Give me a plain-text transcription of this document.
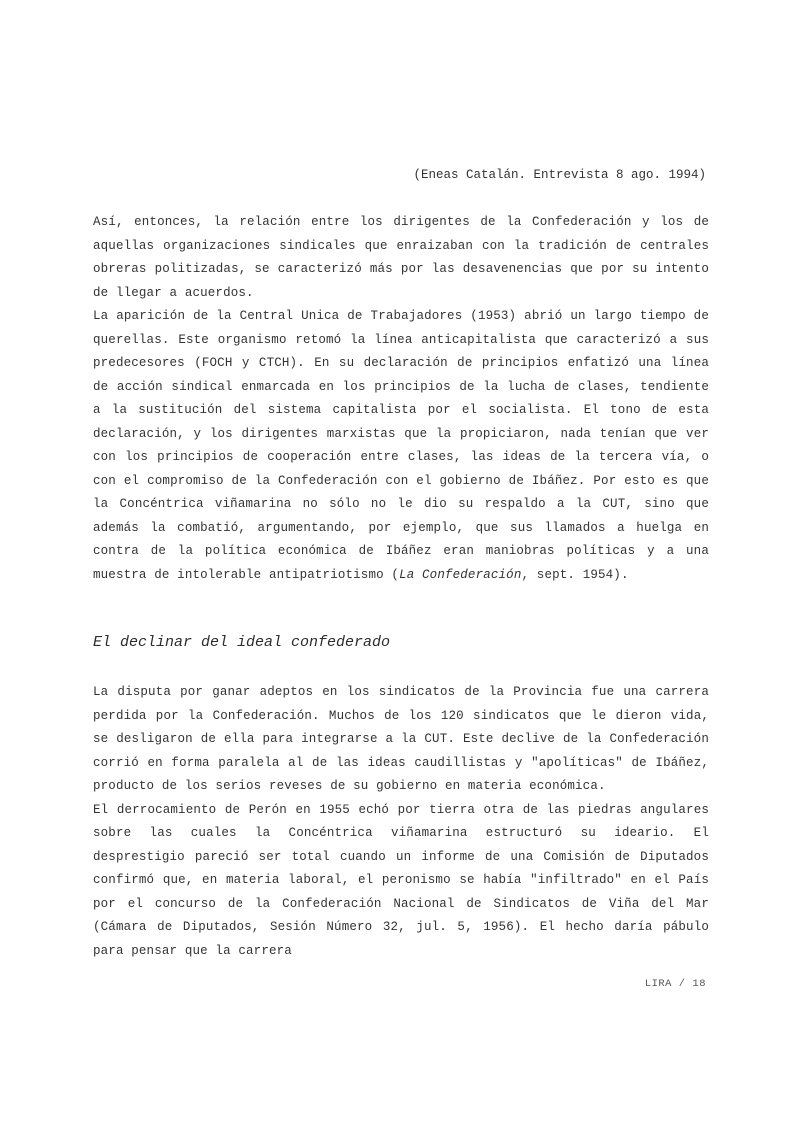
(Eneas Catalán. Entrevista 8 ago. 1994)

Así, entonces, la relación entre los dirigentes de la Confederación y los de aquellas organizaciones sindicales que enraizaban con la tradición de centrales obreras politizadas, se caracterizó más por las desavenencias que por su intento de llegar a acuerdos.

La aparición de la Central Unica de Trabajadores (1953) abrió un largo tiempo de querellas. Este organismo retomó la línea anticapitalista que caracterizó a sus predecesores (FOCH y CTCH). En su declaración de principios enfatizó una línea de acción sindical enmarcada en los principios de la lucha de clases, tendiente a la sustitución del sistema capitalista por el socialista. El tono de esta declaración, y los dirigentes marxistas que la propiciaron, nada tenían que ver con los principios de cooperación entre clases, las ideas de la tercera vía, o con el compromiso de la Confederación con el gobierno de Ibáñez. Por esto es que la Concéntrica viñamarina no sólo no le dio su respaldo a la CUT, sino que además la combatió, argumentando, por ejemplo, que sus llamados a huelga en contra de la política económica de Ibáñez eran maniobras políticas y a una muestra de intolerable antipatriotismo (La Confederación, sept. 1954).

El declinar del ideal confederado

La disputa por ganar adeptos en los sindicatos de la Provincia fue una carrera perdida por la Confederación. Muchos de los 120 sindicatos que le dieron vida, se desligaron de ella para integrarse a la CUT. Este declive de la Confederación corrió en forma paralela al de las ideas caudillistas y "apolíticas" de Ibáñez, producto de los serios reveses de su gobierno en materia económica.

El derrocamiento de Perón en 1955 echó por tierra otra de las piedras angulares sobre las cuales la Concéntrica viñamarina estructuró su ideario. El desprestigio pareció ser total cuando un informe de una Comisión de Diputados confirmó que, en materia laboral, el peronismo se había "infiltrado" en el País por el concurso de la Confederación Nacional de Sindicatos de Viña del Mar (Cámara de Diputados, Sesión Número 32, jul. 5, 1956). El hecho daría pábulo para pensar que la carrera

LIRA / 18
